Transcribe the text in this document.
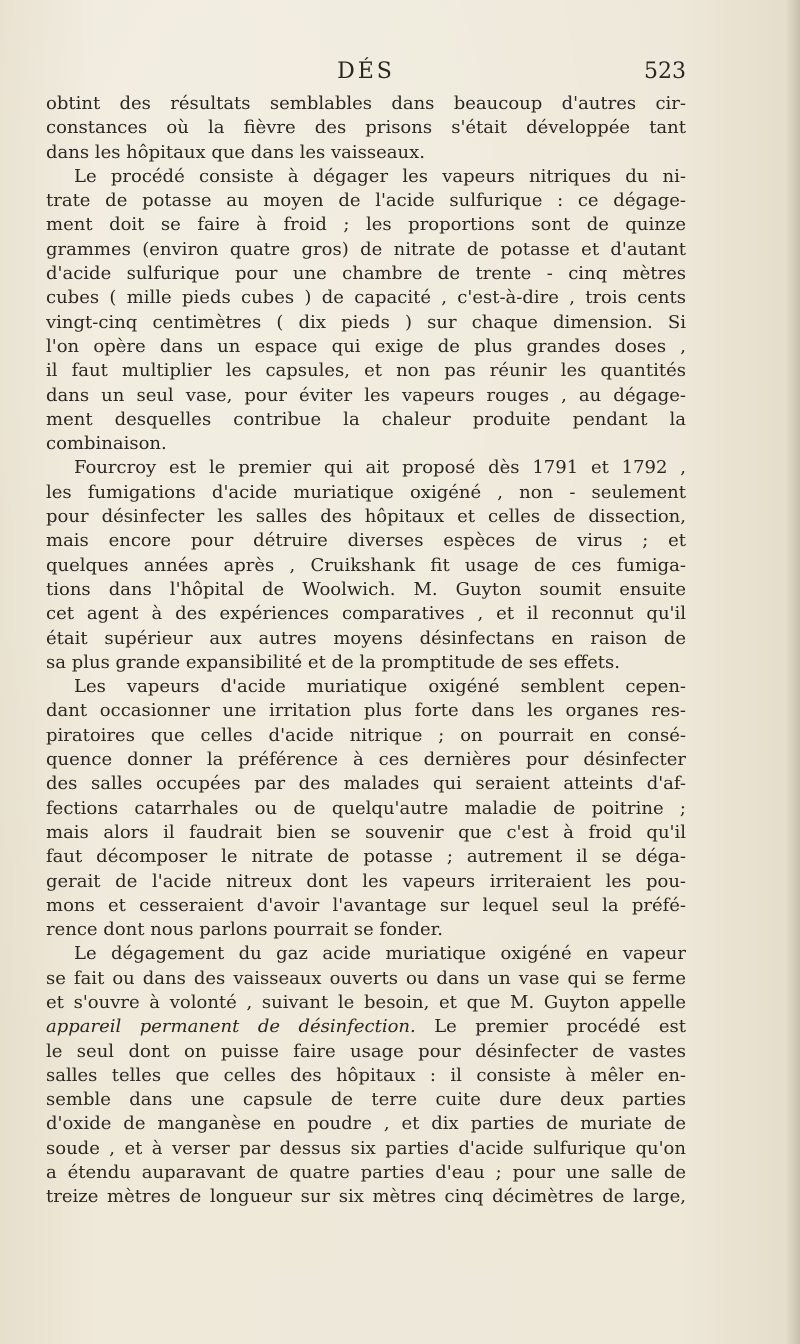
DÉS	523
obtint des résultats semblables dans beaucoup d'autres cir-
constances où la fièvre des prisons s'était développée tant
dans les hôpitaux que dans les vaisseaux.
Le procédé consiste à dégager les vapeurs nitriques du ni-
trate de potasse au moyen de l'acide sulfurique : ce dégage-
ment doit se faire à froid ; les proportions sont de quinze
grammes (environ quatre gros) de nitrate de potasse et d'autant
d'acide sulfurique pour une chambre de trente - cinq mètres
cubes ( mille pieds cubes ) de capacité , c'est-à-dire , trois cents
vingt-cinq centimètres ( dix pieds ) sur chaque dimension. Si
l'on opère dans un espace qui exige de plus grandes doses ,
il faut multiplier les capsules, et non pas réunir les quantités
dans un seul vase, pour éviter les vapeurs rouges , au dégage-
ment desquelles contribue la chaleur produite pendant la
combinaison.
Fourcroy est le premier qui ait proposé dès 1791 et 1792 ,
les fumigations d'acide muriatique oxigéné , non - seulement
pour désinfecter les salles des hôpitaux et celles de dissection,
mais encore pour détruire diverses espèces de virus ; et
quelques années après , Cruikshank fit usage de ces fumiga-
tions dans l'hôpital de Woolwich. M. Guyton soumit ensuite
cet agent à des expériences comparatives , et il reconnut qu'il
était supérieur aux autres moyens désinfectans en raison de
sa plus grande expansibilité et de la promptitude de ses effets.
Les vapeurs d'acide muriatique oxigéné semblent cepen-
dant occasionner une irritation plus forte dans les organes res-
piratoires que celles d'acide nitrique ; on pourrait en consé-
quence donner la préférence à ces dernières pour désinfecter
des salles occupées par des malades qui seraient atteints d'af-
fections catarrhales ou de quelqu'autre maladie de poitrine ;
mais alors il faudrait bien se souvenir que c'est à froid qu'il
faut décomposer le nitrate de potasse ; autrement il se déga-
gerait de l'acide nitreux dont les vapeurs irriteraient les pou-
mons et cesseraient d'avoir l'avantage sur lequel seul la préfé-
rence dont nous parlons pourrait se fonder.
Le dégagement du gaz acide muriatique oxigéné en vapeur
se fait ou dans des vaisseaux ouverts ou dans un vase qui se ferme
et s'ouvre à volonté , suivant le besoin, et que M. Guyton appelle
appareil permanent de désinfection. Le premier procédé est
le seul dont on puisse faire usage pour désinfecter de vastes
salles telles que celles des hôpitaux : il consiste à mêler en-
semble dans une capsule de terre cuite dure deux parties
d'oxide de manganèse en poudre , et dix parties de muriate de
soude , et à verser par dessus six parties d'acide sulfurique qu'on
a étendu auparavant de quatre parties d'eau ; pour une salle de
treize mètres de longueur sur six mètres cinq décimètres de large,
